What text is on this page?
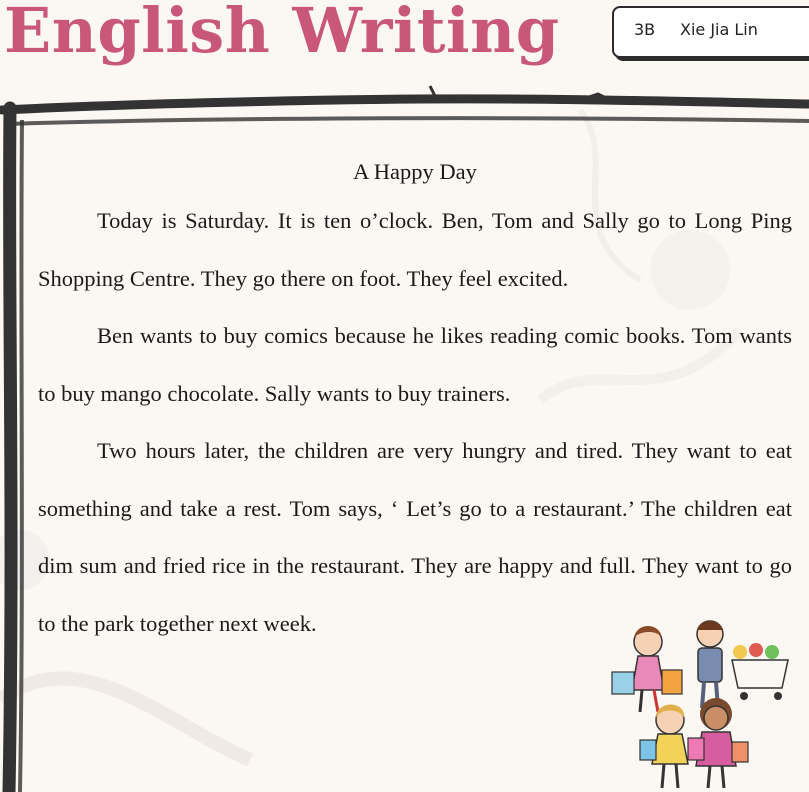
English Writing	3B Xie Jia Lin
A Happy Day

Today is Saturday. It is ten o’clock. Ben, Tom and Sally go to Long Ping Shopping Centre. They go there on foot. They feel excited.

Ben wants to buy comics because he likes reading comic books. Tom wants to buy mango chocolate. Sally wants to buy trainers.

Two hours later, the children are very hungry and tired. They want to eat something and take a rest. Tom says, ‘ Let’s go to a restaurant.’ The children eat dim sum and fried rice in the restaurant. They are happy and full. They want to go to the park together next week.
